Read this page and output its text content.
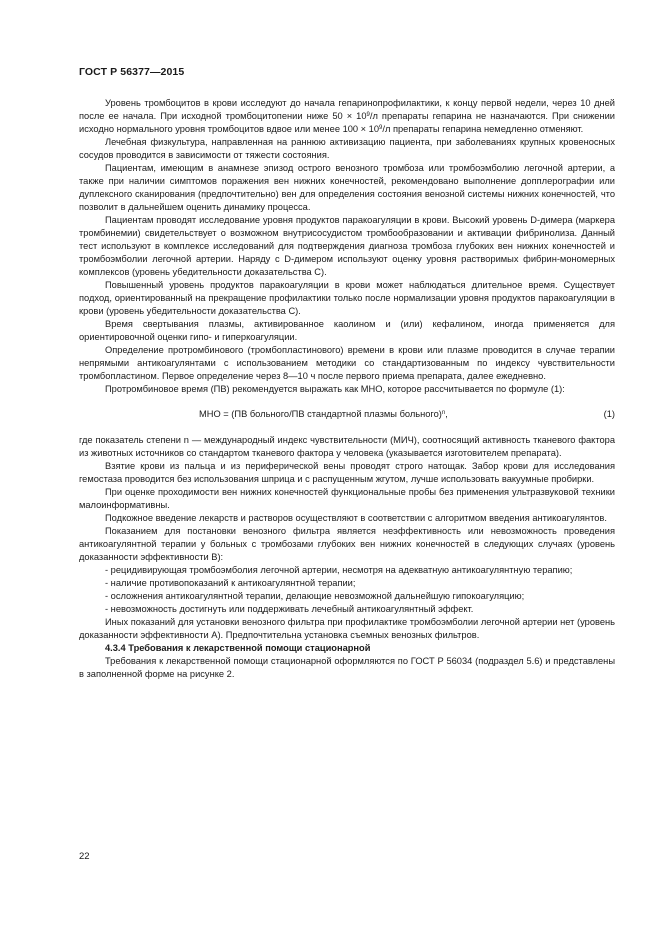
ГОСТ Р 56377—2015

Уровень тромбоцитов в крови исследуют до начала гепаринопрофилактики, к концу первой недели, через 10 дней после ее начала. При исходной тромбоцитопении ниже $50 \times 10^9/л$ препараты гепарина не назначаются. При снижении исходно нормального уровня тромбоцитов вдвое или менее $100 \times 10^9/л$ препараты гепарина немедленно отменяют.

Лечебная физкультура, направленная на раннюю активизацию пациента, при заболеваниях крупных кровеносных сосудов проводится в зависимости от тяжести состояния.

Пациентам, имеющим в анамнезе эпизод острого венозного тромбоза или тромбоэмболию легочной артерии, а также при наличии симптомов поражения вен нижних конечностей, рекомендовано выполнение допплерографии или дуплексного сканирования (предпочтительно) вен для определения состояния венозной системы нижних конечностей, что позволит в дальнейшем оценить динамику процесса.

Пациентам проводят исследование уровня продуктов паракоагуляции в крови. Высокий уровень D-димера (маркера тромбинемии) свидетельствует о возможном внутрисосудистом тромбообразовании и активации фибринолиза. Данный тест используют в комплексе исследований для подтверждения диагноза тромбоза глубоких вен нижних конечностей и тромбоэмболии легочной артерии. Наряду с D-димером используют оценку уровня растворимых фибрин-мономерных комплексов (уровень убедительности доказательства С).

Повышенный уровень продуктов паракоагуляции в крови может наблюдаться длительное время. Существует подход, ориентированный на прекращение профилактики только после нормализации уровня продуктов паракоагуляции в крови (уровень убедительности доказательства С).

Время свертывания плазмы, активированное каолином и (или) кефалином, иногда применяется для ориентировочной оценки гипо- и гиперкоагуляции.

Определение протромбинового (тромбопластинового) времени в крови или плазме проводится в случае терапии непрямыми антикоагулянтами с использованием методики со стандартизованным по индексу чувствительности тромбопластином. Первое определение через 8—10 ч после первого приема препарата, далее ежедневно.

Протромбиновое время (ПВ) рекомендуется выражать как МНО, которое рассчитывается по формуле (1):

МНО = (ПВ больного/ПВ стандартной плазмы больного)$^n$,	(1)

где показатель степени n — международный индекс чувствительности (МИЧ), соотносящий активность тканевого фактора из животных источников со стандартом тканевого фактора у человека (указывается изготовителем препарата).

Взятие крови из пальца и из периферической вены проводят строго натощак. Забор крови для исследования гемостаза проводится без использования шприца и с распущенным жгутом, лучше использовать вакуумные пробирки.

При оценке проходимости вен нижних конечностей функциональные пробы без применения ультразвуковой техники малоинформативны.

Подкожное введение лекарств и растворов осуществляют в соответствии с алгоритмом введения антикоагулянтов.

Показанием для постановки венозного фильтра является неэффективность или невозможность проведения антикоагулянтной терапии у больных с тромбозами глубоких вен нижних конечностей в следующих случаях (уровень доказанности эффективности В):

- рецидивирующая тромбоэмболия легочной артерии, несмотря на адекватную антикоагулянтную терапию;

- наличие противопоказаний к антикоагулянтной терапии;

- осложнения антикоагулянтной терапии, делающие невозможной дальнейшую гипокоагуляцию;

- невозможность достигнуть или поддерживать лечебный антикоагулянтный эффект.

Иных показаний для установки венозного фильтра при профилактике тромбоэмболии легочной артерии нет (уровень доказанности эффективности А). Предпочтительна установка съемных венозных фильтров.

4.3.4 Требования к лекарственной помощи стационарной

Требования к лекарственной помощи стационарной оформляются по ГОСТ Р 56034 (подраздел 5.6) и представлены в заполненной форме на рисунке 2.

22
